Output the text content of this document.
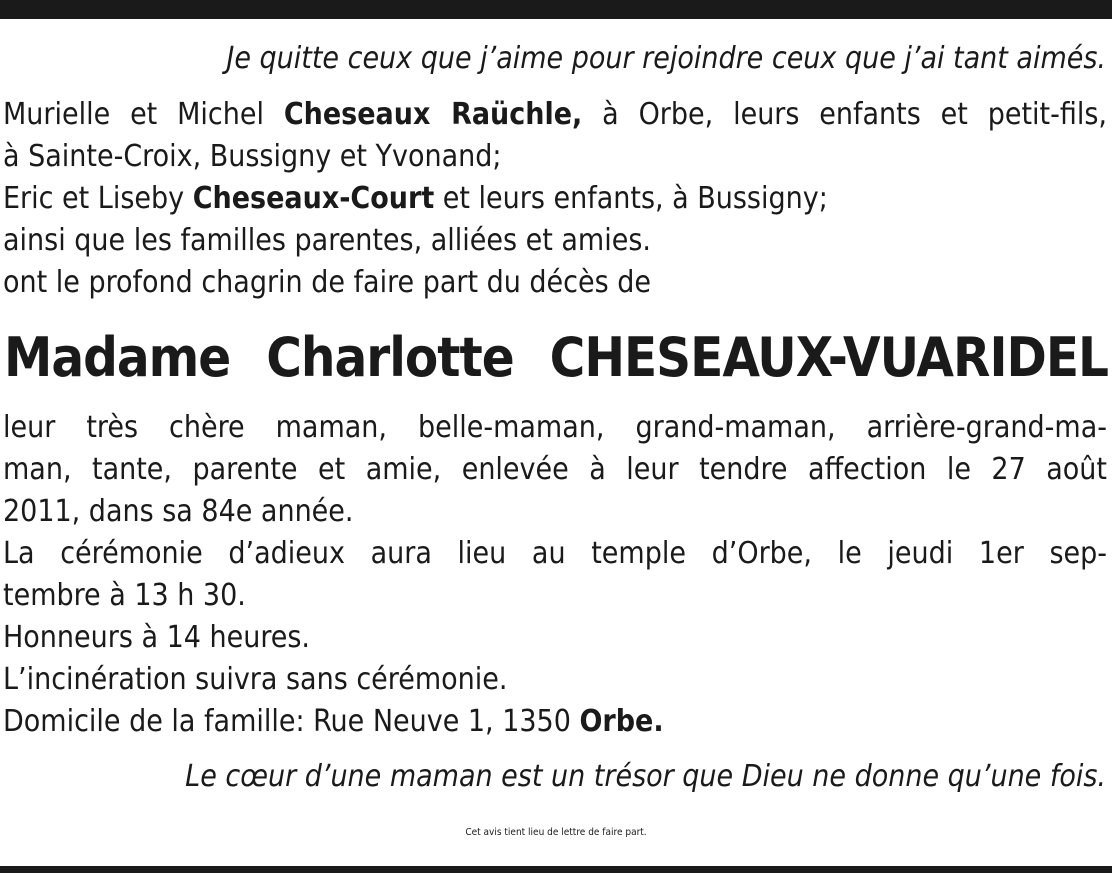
Je quitte ceux que j’aime pour rejoindre ceux que j’ai tant aimés.
Murielle et Michel Cheseaux Raüchle, à Orbe, leurs enfants et petit-fils,
à Sainte-Croix, Bussigny et Yvonand;
Eric et Liseby Cheseaux-Court et leurs enfants, à Bussigny;
ainsi que les familles parentes, alliées et amies.
ont le profond chagrin de faire part du décès de
Madame Charlotte CHESEAUX-VUARIDEL
leur très chère maman, belle-maman, grand-maman, arrière-grand-ma-
man, tante, parente et amie, enlevée à leur tendre affection le 27 août
2011, dans sa 84e année.
La cérémonie d’adieux aura lieu au temple d’Orbe, le jeudi 1er sep-
tembre à 13 h 30.
Honneurs à 14 heures.
L’incinération suivra sans cérémonie.
Domicile de la famille: Rue Neuve 1, 1350 Orbe.
Le cœur d’une maman est un trésor que Dieu ne donne qu’une fois.
Cet avis tient lieu de lettre de faire part.
